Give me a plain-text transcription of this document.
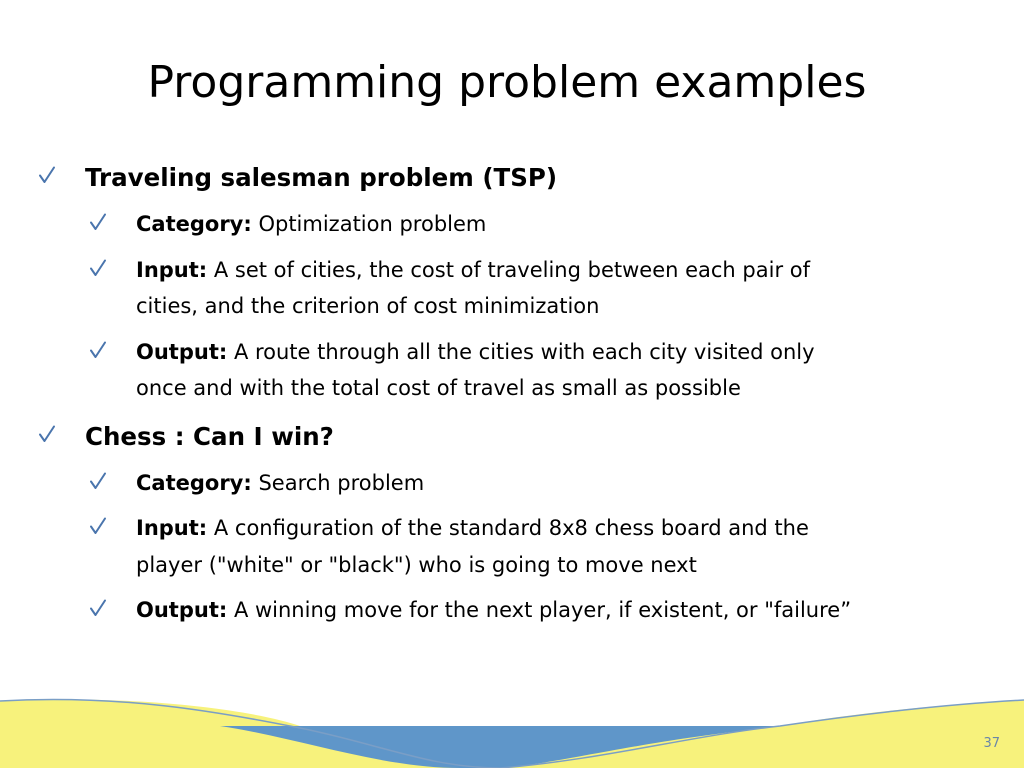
Programming problem examples
Traveling salesman problem (TSP)
Category: Optimization problem
Input: A set of cities, the cost of traveling between each pair of
cities, and the criterion of cost minimization
Output: A route through all the cities with each city visited only
once and with the total cost of travel as small as possible
Chess : Can I win?
Category: Search problem
Input: A configuration of the standard 8x8 chess board and the
player ("white" or "black") who is going to move next
Output: A winning move for the next player, if existent, or "failure”
37
